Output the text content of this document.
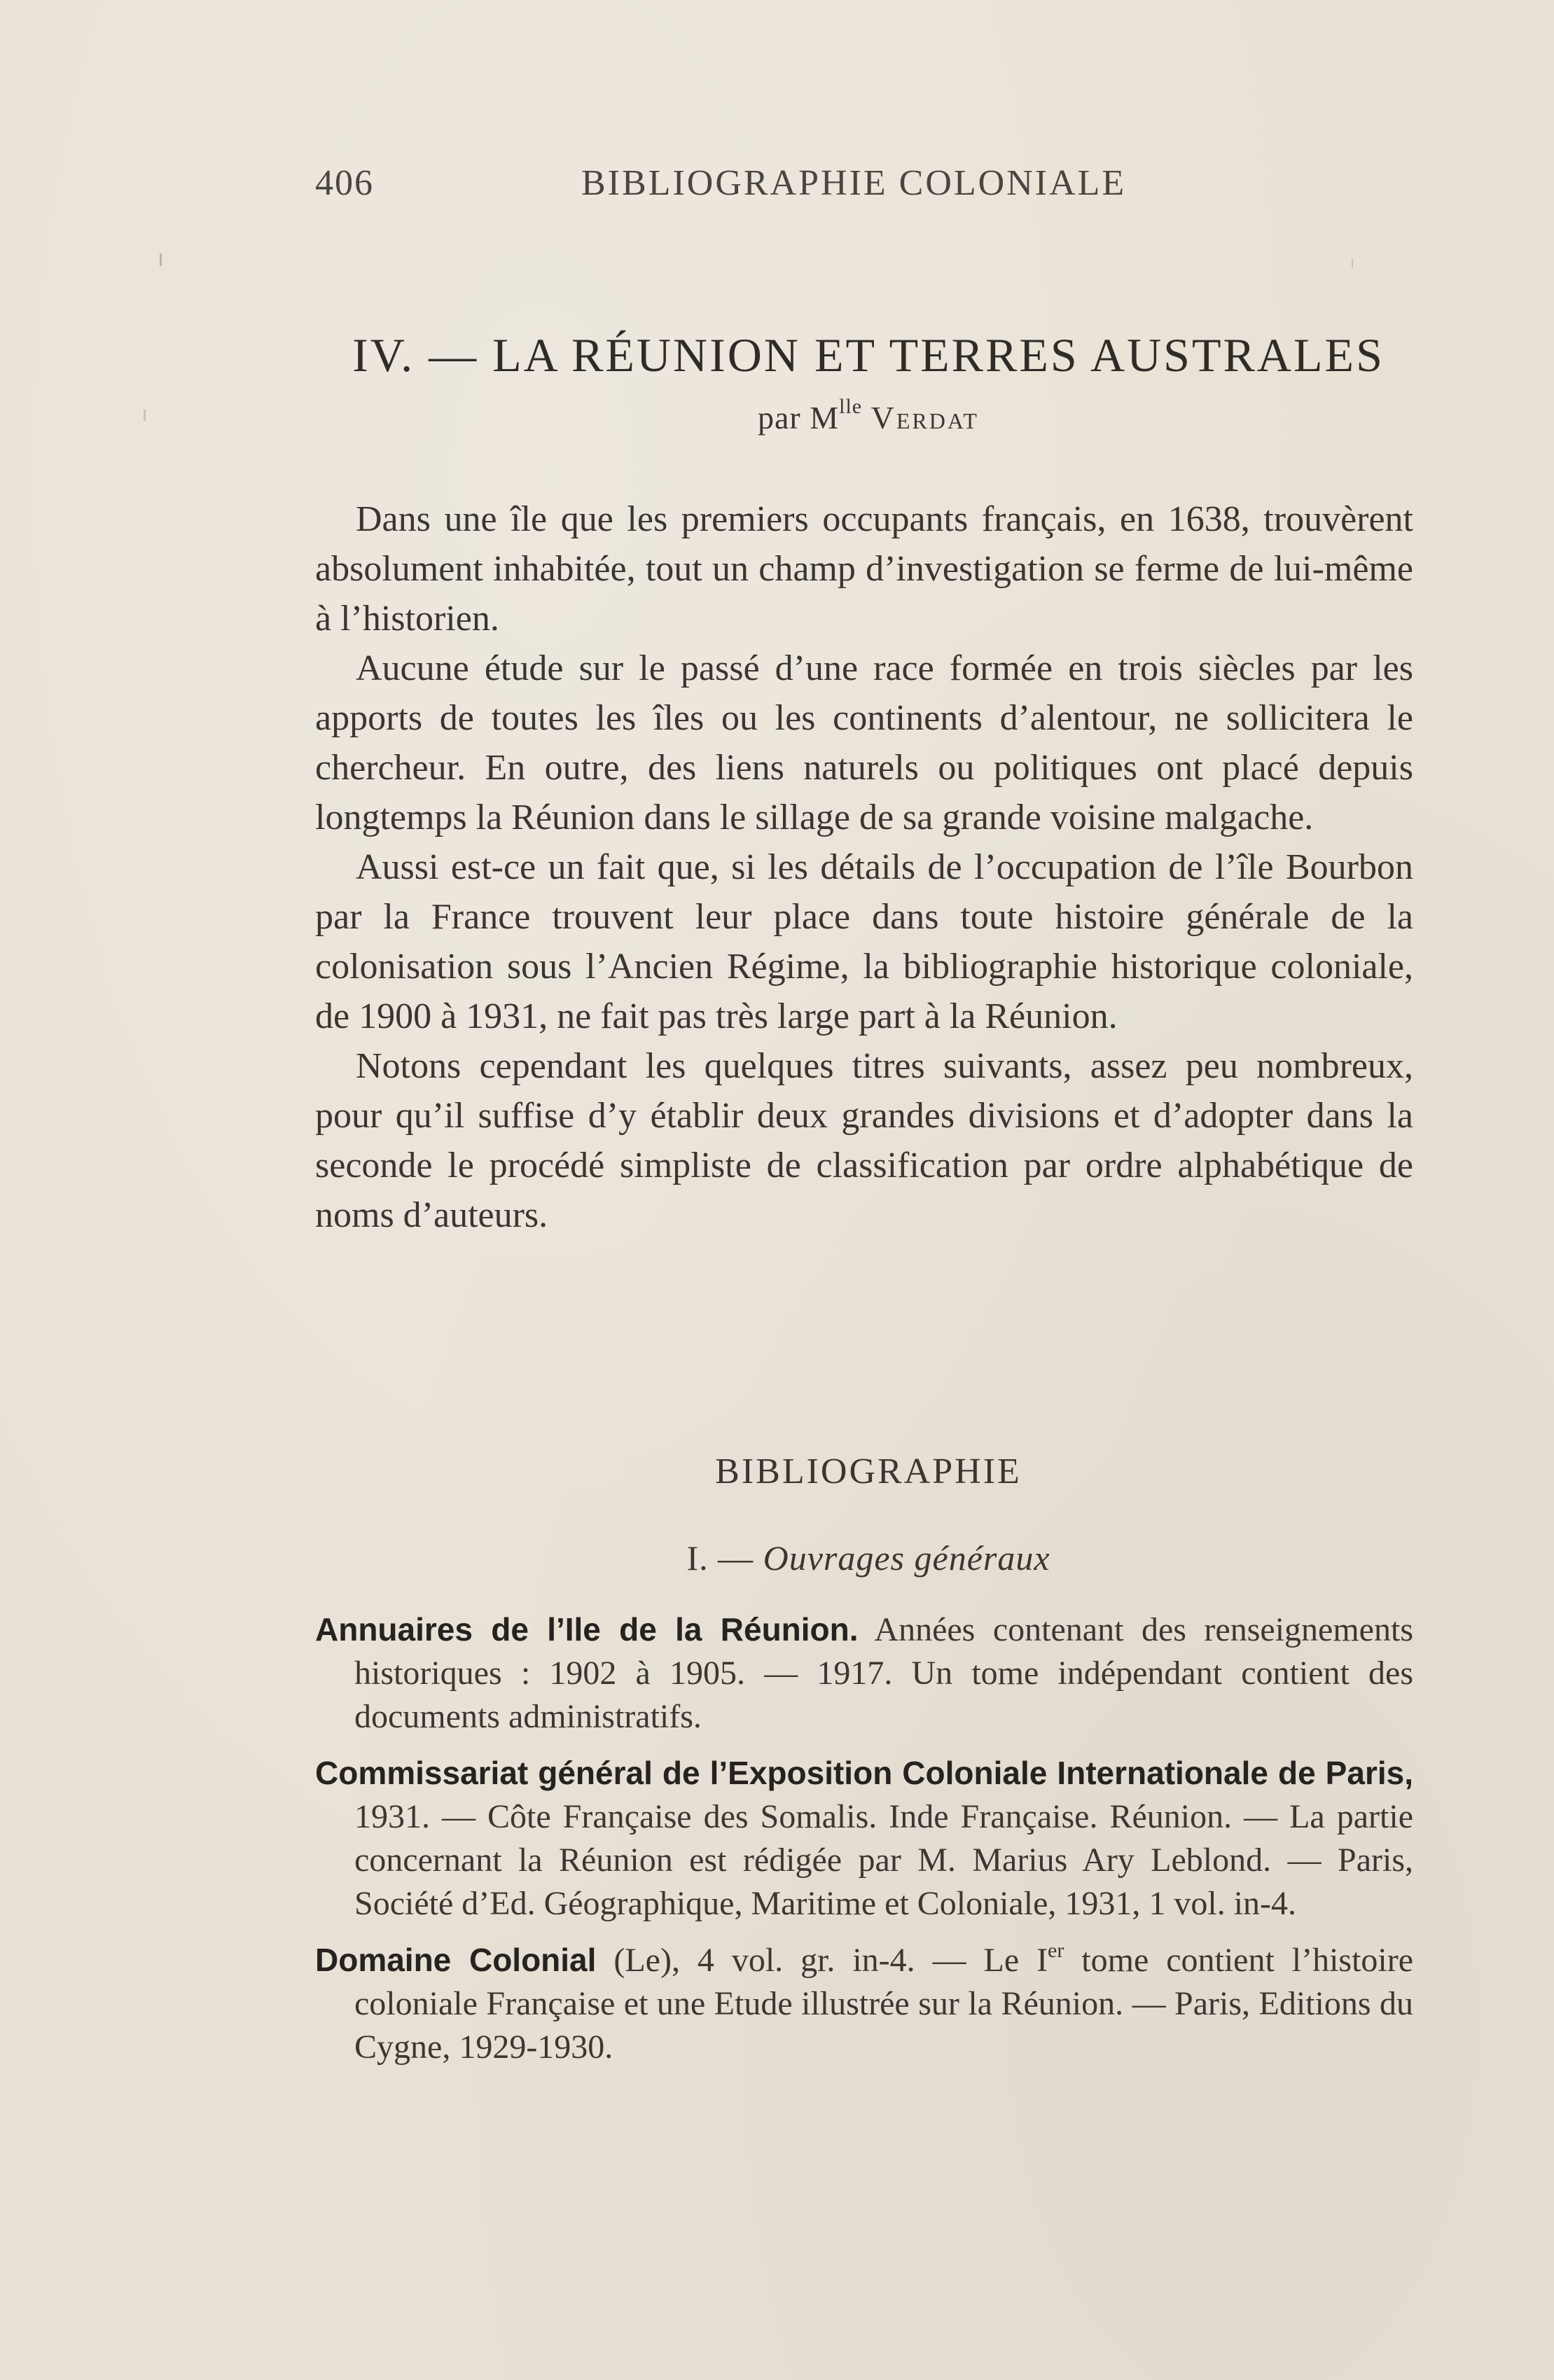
406	BIBLIOGRAPHIE COLONIALE
IV. — LA RÉUNION ET TERRES AUSTRALES
par $M^{lle}$ Verdat

Dans une île que les premiers occupants français, en 1638, trouvèrent absolument inhabitée, tout un champ d’investigation se ferme de lui-même à l’historien.

Aucune étude sur le passé d’une race formée en trois siècles par les apports de toutes les îles ou les continents d’alentour, ne sollicitera le chercheur. En outre, des liens naturels ou politiques ont placé depuis longtemps la Réunion dans le sillage de sa grande voisine malgache.

Aussi est-ce un fait que, si les détails de l’occupation de l’île Bourbon par la France trouvent leur place dans toute histoire générale de la colonisation sous l’Ancien Régime, la bibliographie historique coloniale, de 1900 à 1931, ne fait pas très large part à la Réunion.

Notons cependant les quelques titres suivants, assez peu nombreux, pour qu’il suffise d’y établir deux grandes divisions et d’adopter dans la seconde le procédé simpliste de classification par ordre alphabétique de noms d’auteurs.

BIBLIOGRAPHIE
I. — Ouvrages généraux

Annuaires de l’Ile de la Réunion. Années contenant des renseignements historiques : 1902 à 1905. — 1917. Un tome indépendant contient des documents administratifs.

Commissariat général de l’Exposition Coloniale Internationale de Paris, 1931. — Côte Française des Somalis. Inde Française. Réunion. — La partie concernant la Réunion est rédigée par M. Marius Ary Leblond. — Paris, Société d’Ed. Géographique, Maritime et Coloniale, 1931, 1 vol. in-4.

Domaine Colonial (Le), 4 vol. gr. in-4. — Le Ier tome contient l’histoire coloniale Française et une Etude illustrée sur la Réunion. — Paris, Editions du Cygne, 1929-1930.
